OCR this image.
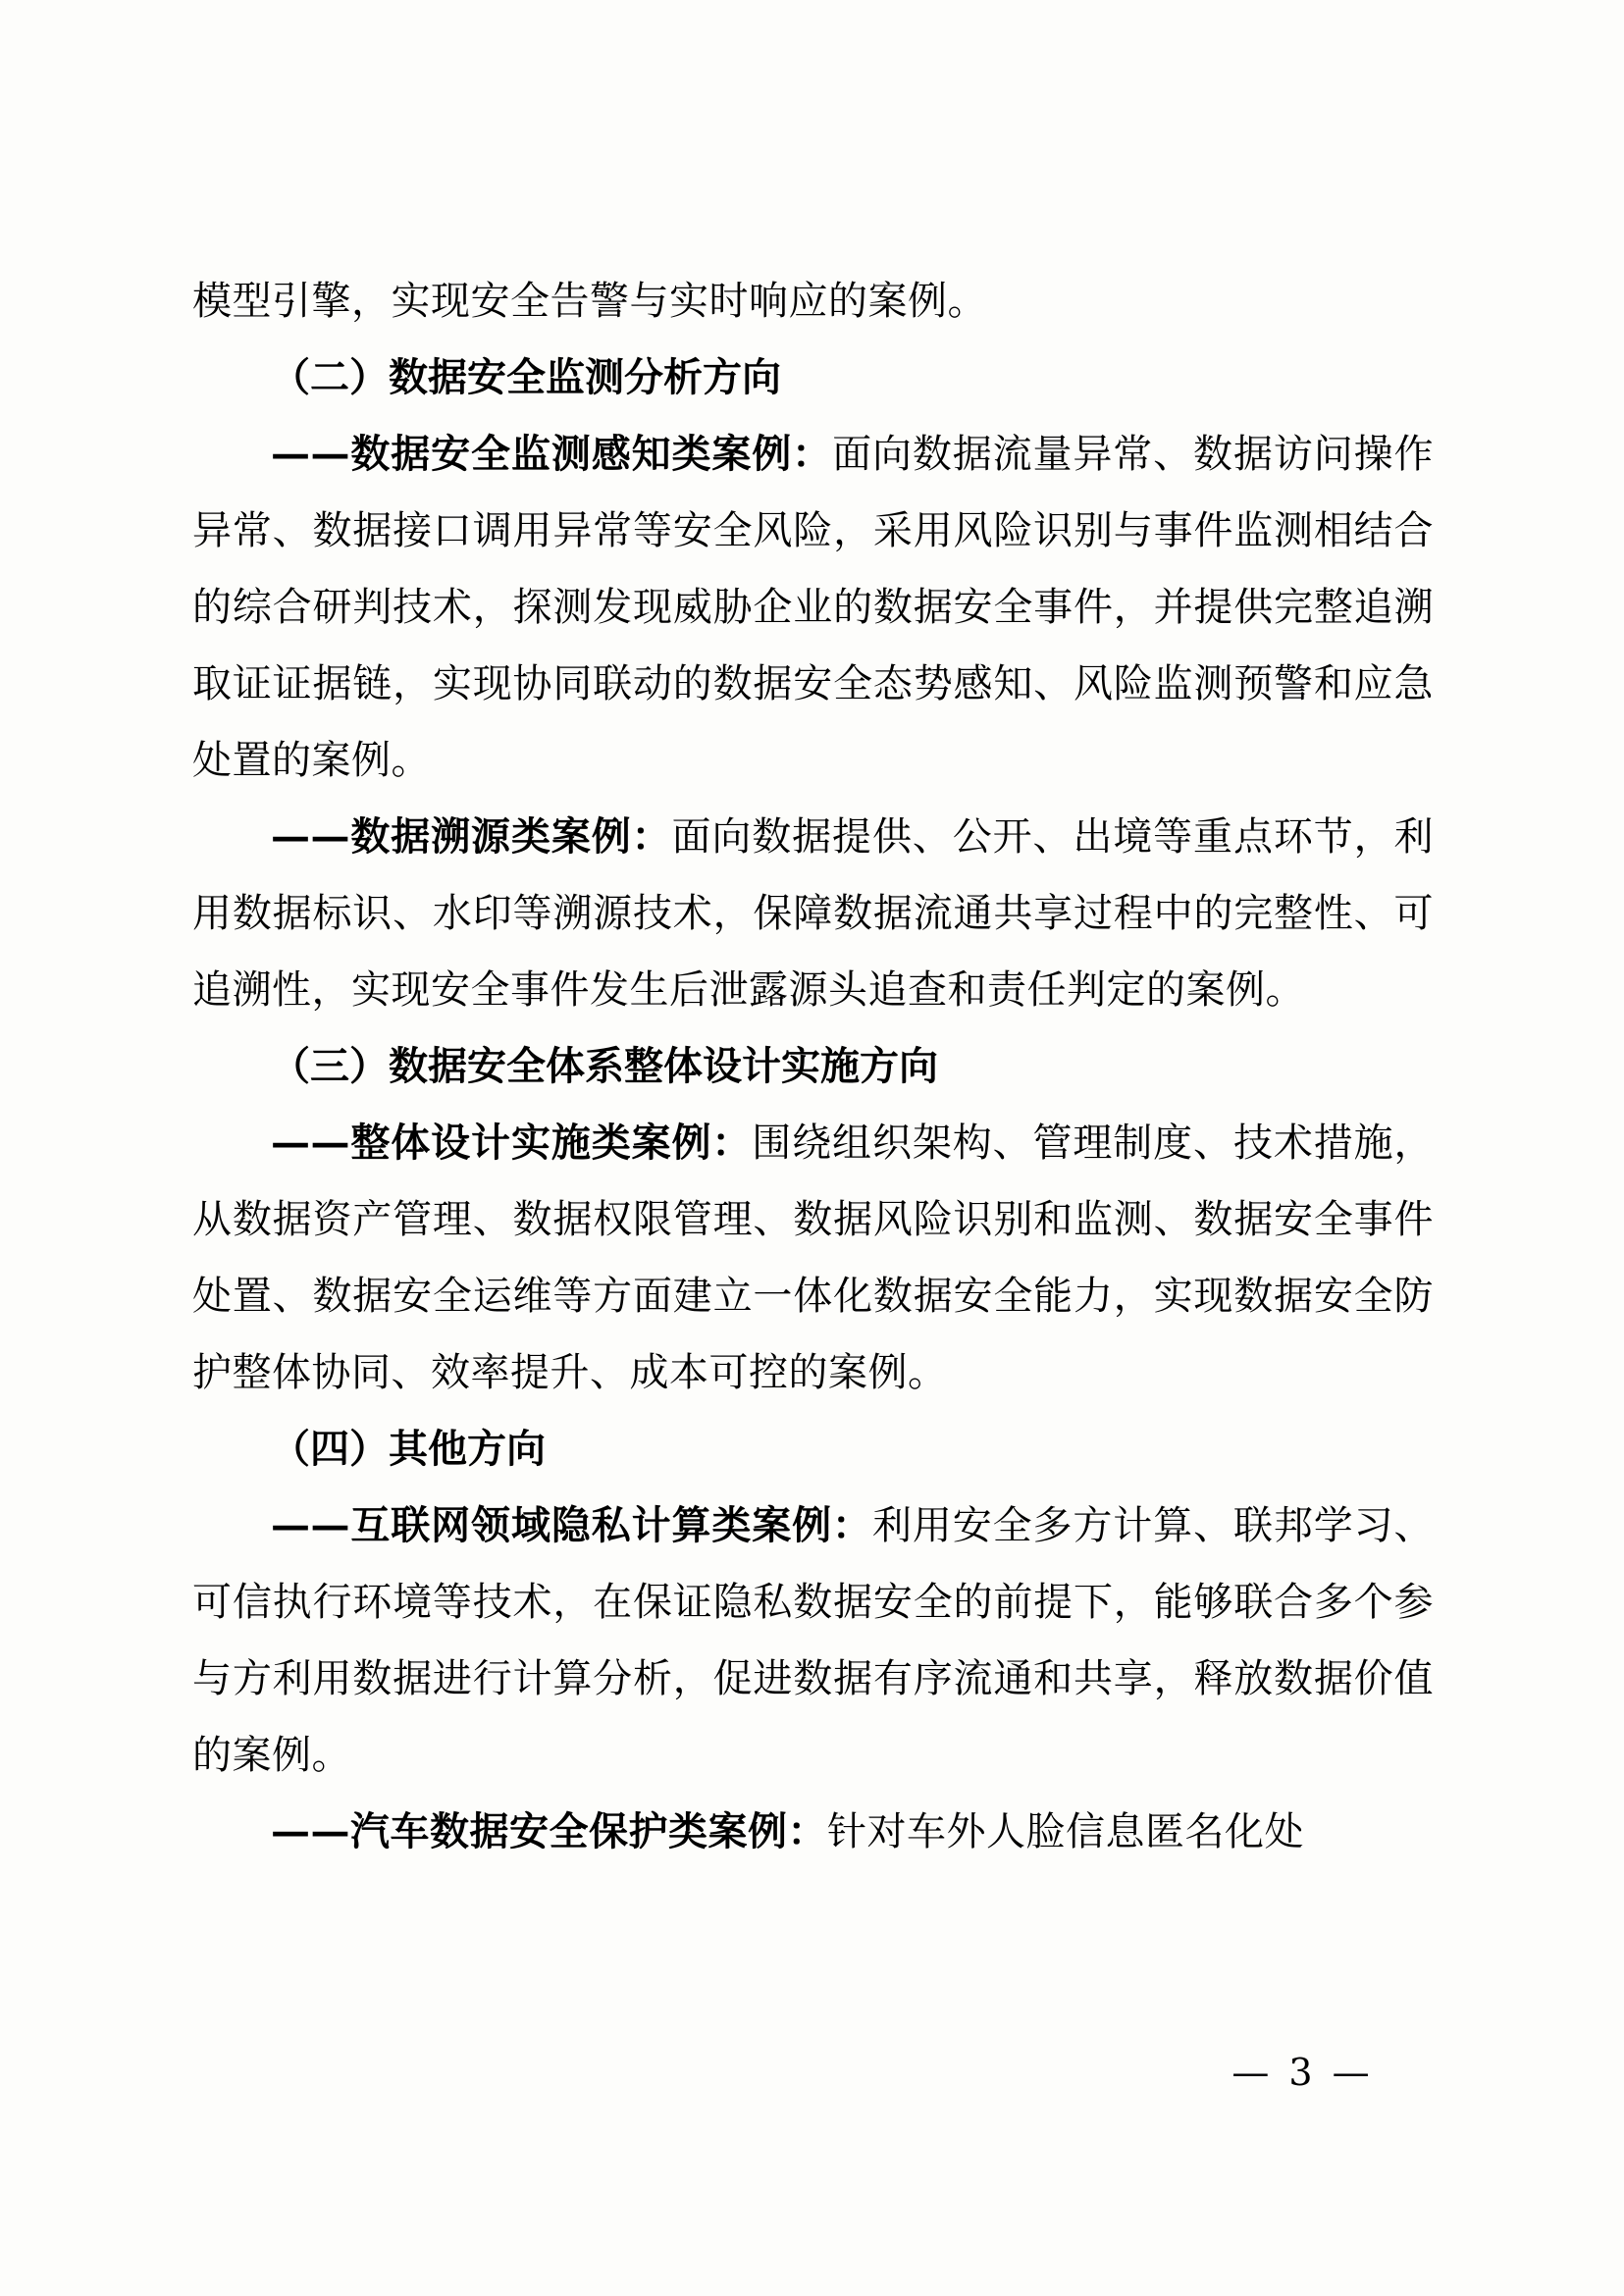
模型引擎，实现安全告警与实时响应的案例。

（二）数据安全监测分析方向

——数据安全监测感知类案例：面向数据流量异常、数据访问操作异常、数据接口调用异常等安全风险，采用风险识别与事件监测相结合的综合研判技术，探测发现威胁企业的数据安全事件，并提供完整追溯取证证据链，实现协同联动的数据安全态势感知、风险监测预警和应急处置的案例。

——数据溯源类案例：面向数据提供、公开、出境等重点环节，利用数据标识、水印等溯源技术，保障数据流通共享过程中的完整性、可追溯性，实现安全事件发生后泄露源头追查和责任判定的案例。

（三）数据安全体系整体设计实施方向

——整体设计实施类案例：围绕组织架构、管理制度、技术措施，从数据资产管理、数据权限管理、数据风险识别和监测、数据安全事件处置、数据安全运维等方面建立一体化数据安全能力，实现数据安全防护整体协同、效率提升、成本可控的案例。

（四）其他方向

——互联网领域隐私计算类案例：利用安全多方计算、联邦学习、可信执行环境等技术，在保证隐私数据安全的前提下，能够联合多个参与方利用数据进行计算分析，促进数据有序流通和共享，释放数据价值的案例。

——汽车数据安全保护类案例：针对车外人脸信息匿名化处

— 3 —
